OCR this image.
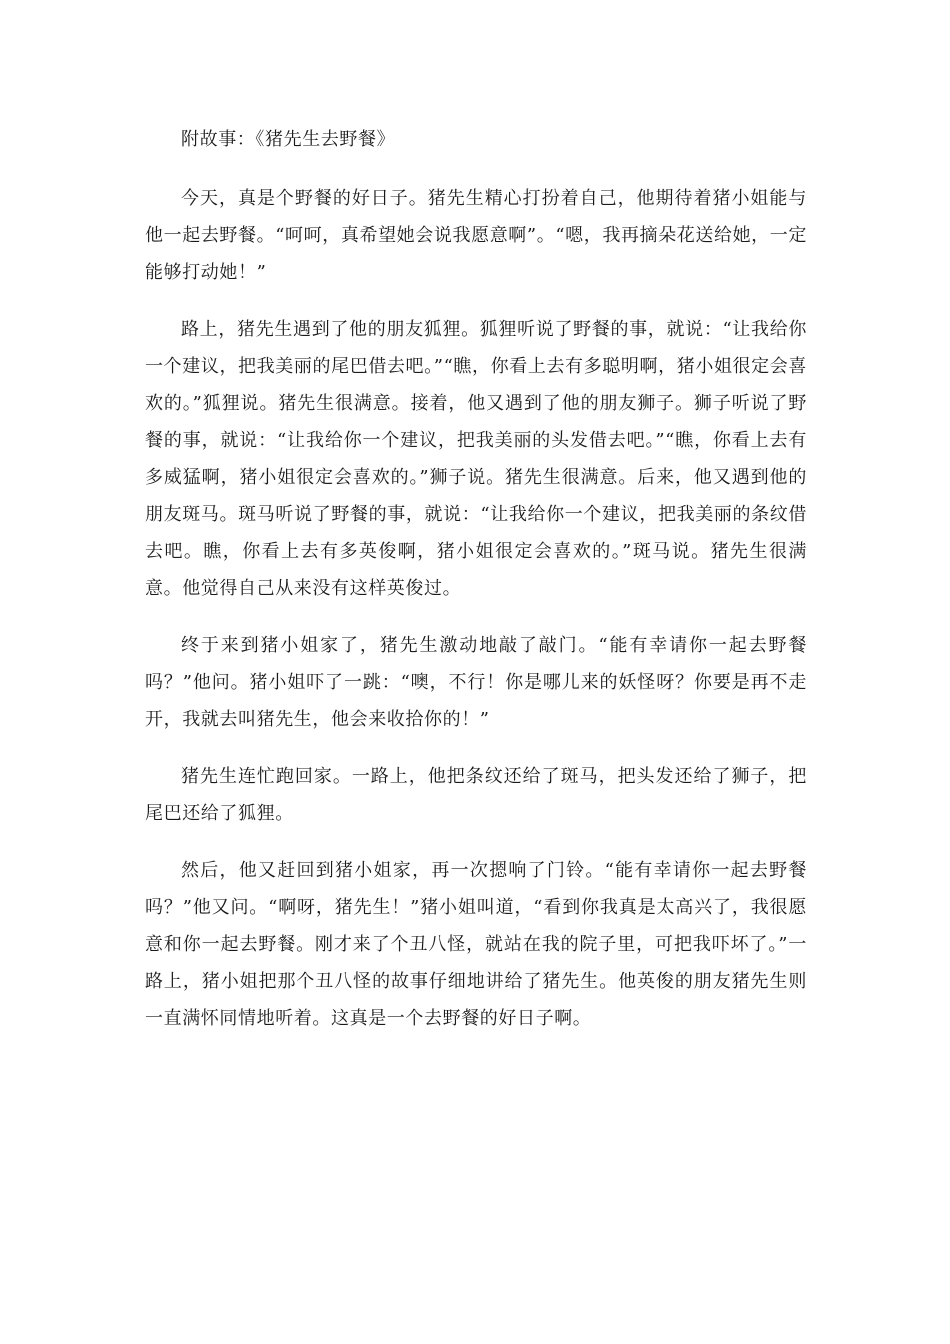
附故事：《猪先生去野餐》

今天，真是个野餐的好日子。猪先生精心打扮着自己，他期待着猪小姐能与他一起去野餐。“呵呵，真希望她会说我愿意啊”。“嗯，我再摘朵花送给她，一定能够打动她！”

路上，猪先生遇到了他的朋友狐狸。狐狸听说了野餐的事，就说：“让我给你一个建议，把我美丽的尾巴借去吧。”“瞧，你看上去有多聪明啊，猪小姐很定会喜欢的。”狐狸说。猪先生很满意。接着，他又遇到了他的朋友狮子。狮子听说了野餐的事，就说：“让我给你一个建议，把我美丽的头发借去吧。”“瞧，你看上去有多威猛啊，猪小姐很定会喜欢的。”狮子说。猪先生很满意。后来，他又遇到他的朋友斑马。斑马听说了野餐的事，就说：“让我给你一个建议，把我美丽的条纹借去吧。瞧，你看上去有多英俊啊，猪小姐很定会喜欢的。”斑马说。猪先生很满意。他觉得自己从来没有这样英俊过。

终于来到猪小姐家了，猪先生激动地敲了敲门。“能有幸请你一起去野餐吗？”他问。猪小姐吓了一跳：“噢，不行！你是哪儿来的妖怪呀？你要是再不走开，我就去叫猪先生，他会来收拾你的！”

猪先生连忙跑回家。一路上，他把条纹还给了斑马，把头发还给了狮子，把尾巴还给了狐狸。

然后，他又赶回到猪小姐家，再一次摁响了门铃。“能有幸请你一起去野餐吗？”他又问。“啊呀，猪先生！”猪小姐叫道，“看到你我真是太高兴了，我很愿意和你一起去野餐。刚才来了个丑八怪，就站在我的院子里，可把我吓坏了。”一路上，猪小姐把那个丑八怪的故事仔细地讲给了猪先生。他英俊的朋友猪先生则一直满怀同情地听着。这真是一个去野餐的好日子啊。
